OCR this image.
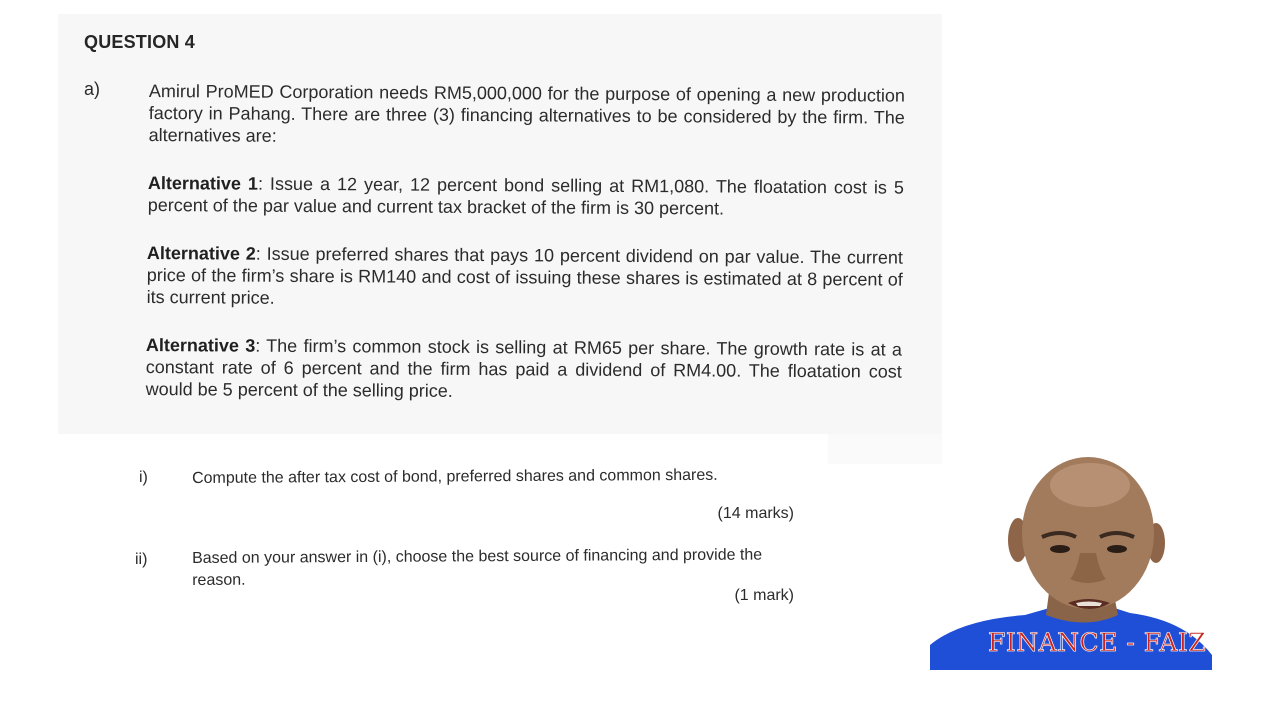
QUESTION 4
a)	Amirul ProMED Corporation needs RM5,000,000 for the purpose of opening a new production factory in Pahang. There are three (3) financing alternatives to be considered by the firm. The alternatives are:
Alternative 1: Issue a 12 year, 12 percent bond selling at RM1,080. The floatation cost is 5 percent of the par value and current tax bracket of the firm is 30 percent.
Alternative 2: Issue preferred shares that pays 10 percent dividend on par value. The current price of the firm’s share is RM140 and cost of issuing these shares is estimated at 8 percent of its current price.
Alternative 3: The firm’s common stock is selling at RM65 per share. The growth rate is at a constant rate of 6 percent and the firm has paid a dividend of RM4.00. The floatation cost would be 5 percent of the selling price.
i)	Compute the after tax cost of bond, preferred shares and common shares.
(14 marks)
ii)	Based on your answer in (i), choose the best source of financing and provide the reason.
(1 mark)
FINANCE - FAIZ
